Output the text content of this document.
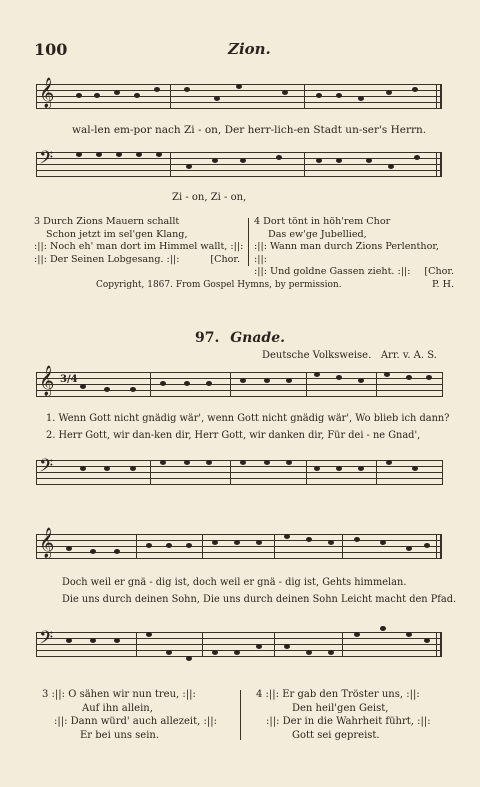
100	Zion.
𝄞
wal-len em-por nach Zi - on, Der herr-lich-en Stadt un-ser's Herrn.
𝄢
Zi - on, Zi - on,
3 Durch Zions Mauern schallt
Schon jetzt im sel'gen Klang,
:||: Noch eh' man dort im Himmel wallt, :||:
:||: Der Seinen Lobgesang. :||:	[Chor.
4 Dort tönt in höh'rem Chor
Das ew'ge Jubellied,
:||: Wann man durch Zions Perlenthor, :||:
:||: Und goldne Gassen zieht. :||: [Chor.
P. H.
Copyright, 1867. From Gospel Hymns, by permission.
97. Gnade.
Deutsche Volksweise.   Arr. v. A. S.
𝄞 3/4
1. Wenn Gott nicht gnädig wär', wenn Gott nicht gnädig wär', Wo blieb ich dann?
2. Herr Gott, wir dan-ken dir, Herr Gott, wir danken dir, Für dei - ne Gnad',
𝄢
𝄞
Doch weil er gnä - dig ist, doch weil er gnä - dig ist, Gehts himmelan.
Die uns durch deinen Sohn, Die uns durch deinen Sohn Leicht macht den Pfad.
𝄢
3 :||: O sähen wir nun treu, :||:
Auf ihn allein,
:||: Dann würd' auch allezeit, :||:
Er bei uns sein.
4 :||: Er gab den Tröster uns, :||:
Den heil'gen Geist,
:||: Der in die Wahrheit führt, :||:
Gott sei gepreist.
